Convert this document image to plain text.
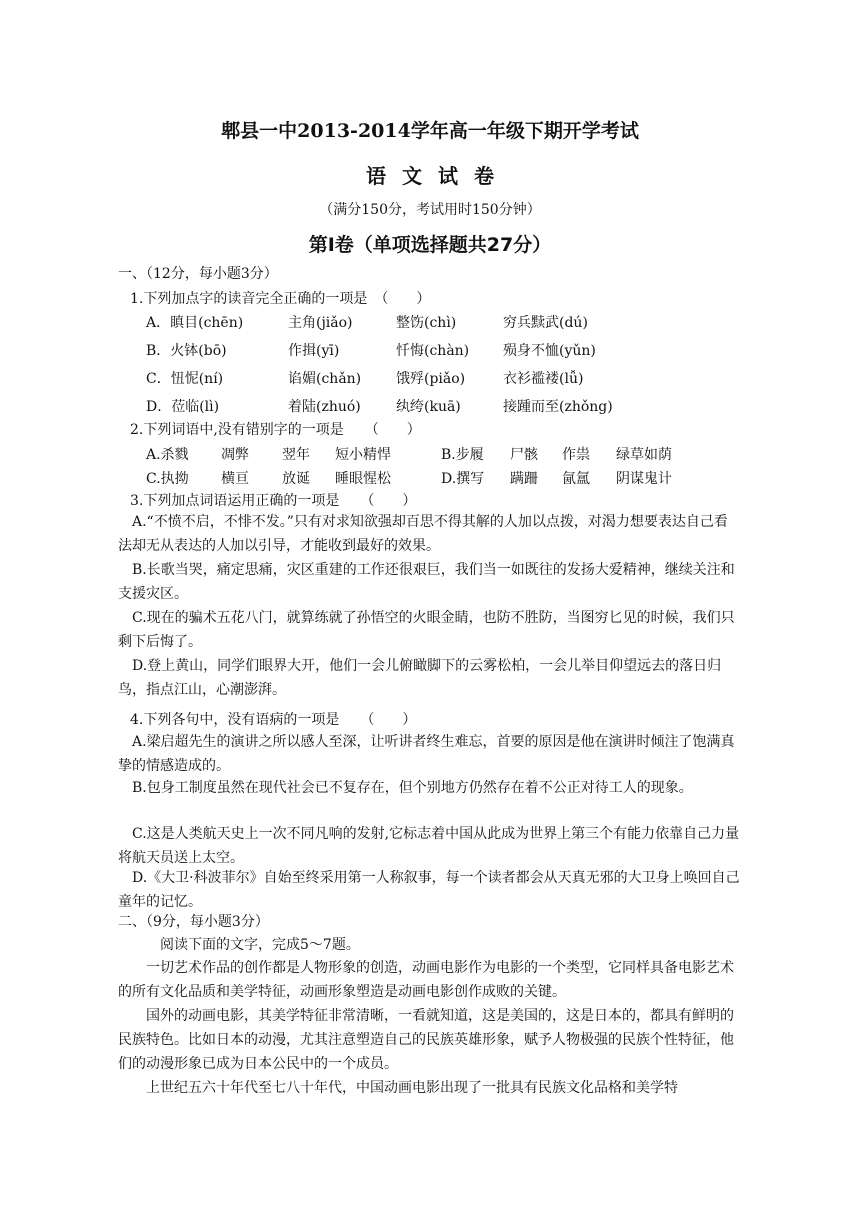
郫县一中2013-2014学年高一年级下期开学考试
语文试卷
（满分150分，考试用时150分钟）
第Ⅰ卷（单项选择题共27分）
一、（12分，每小题3分）
1.下列加点字的读音完全正确的一项是　（　　）
A．瞋目(chēn)	主角(jiǎo)	整饬(chì)	穷兵黩武(dú)
B．火钵(bō)	作揖(yī)	忏悔(chàn) 殒身不恤(yǔn)
C．忸怩(ní)	谄媚(chǎn) 饿殍(piǎo)	衣衫褴褛(lǚ)
D．莅临(lì)	着陆(zhuó)	纨绔(kuā)	接踵而至(zhǒng)
2.下列词语中,没有错别字的一项是　　（　　）
A.杀戮 凋弊 翌年 短小精悍	B.步履 尸骸 作祟 绿草如荫
C.执拗 横亘 放诞 睡眼惺松	D.撰写 蹒跚 氤氲 阴谋鬼计
3.下列加点词语运用正确的一项是　　（　　）
A.“不愤不启，不悱不发。”只有对求知欲强却百思不得其解的人加以点拨，对渴力想要表达自己看法却无从表达的人加以引导，才能收到最好的效果。
B.长歌当哭，痛定思痛，灾区重建的工作还很艰巨，我们当一如既往的发扬大爱精神，继续关注和支援灾区。
C.现在的骗术五花八门，就算练就了孙悟空的火眼金睛，也防不胜防，当图穷匕见的时候，我们只剩下后悔了。
D.登上黄山，同学们眼界大开，他们一会儿俯瞰脚下的云雾松柏，一会儿举目仰望远去的落日归鸟，指点江山，心潮澎湃。
4.下列各句中，没有语病的一项是　　（　　）
A.梁启超先生的演讲之所以感人至深，让听讲者终生难忘，首要的原因是他在演讲时倾注了饱满真挚的情感造成的。
B.包身工制度虽然在现代社会已不复存在，但个别地方仍然存在着不公正对待工人的现象。
C.这是人类航天史上一次不同凡响的发射,它标志着中国从此成为世界上第三个有能力依靠自己力量将航天员送上太空。
D.《大卫·科波菲尔》自始至终采用第一人称叙事，每一个读者都会从天真无邪的大卫身上唤回自己童年的记忆。
二、（9分，每小题3分）
阅读下面的文字，完成5～7题。
一切艺术作品的创作都是人物形象的创造，动画电影作为电影的一个类型，它同样具备电影艺术的所有文化品质和美学特征，动画形象塑造是动画电影创作成败的关键。
国外的动画电影，其美学特征非常清晰，一看就知道，这是美国的，这是日本的，都具有鲜明的民族特色。比如日本的动漫，尤其注意塑造自己的民族英雄形象，赋予人物极强的民族个性特征，他们的动漫形象已成为日本公民中的一个成员。
上世纪五六十年代至七八十年代，中国动画电影出现了一批具有民族文化品格和美学特
